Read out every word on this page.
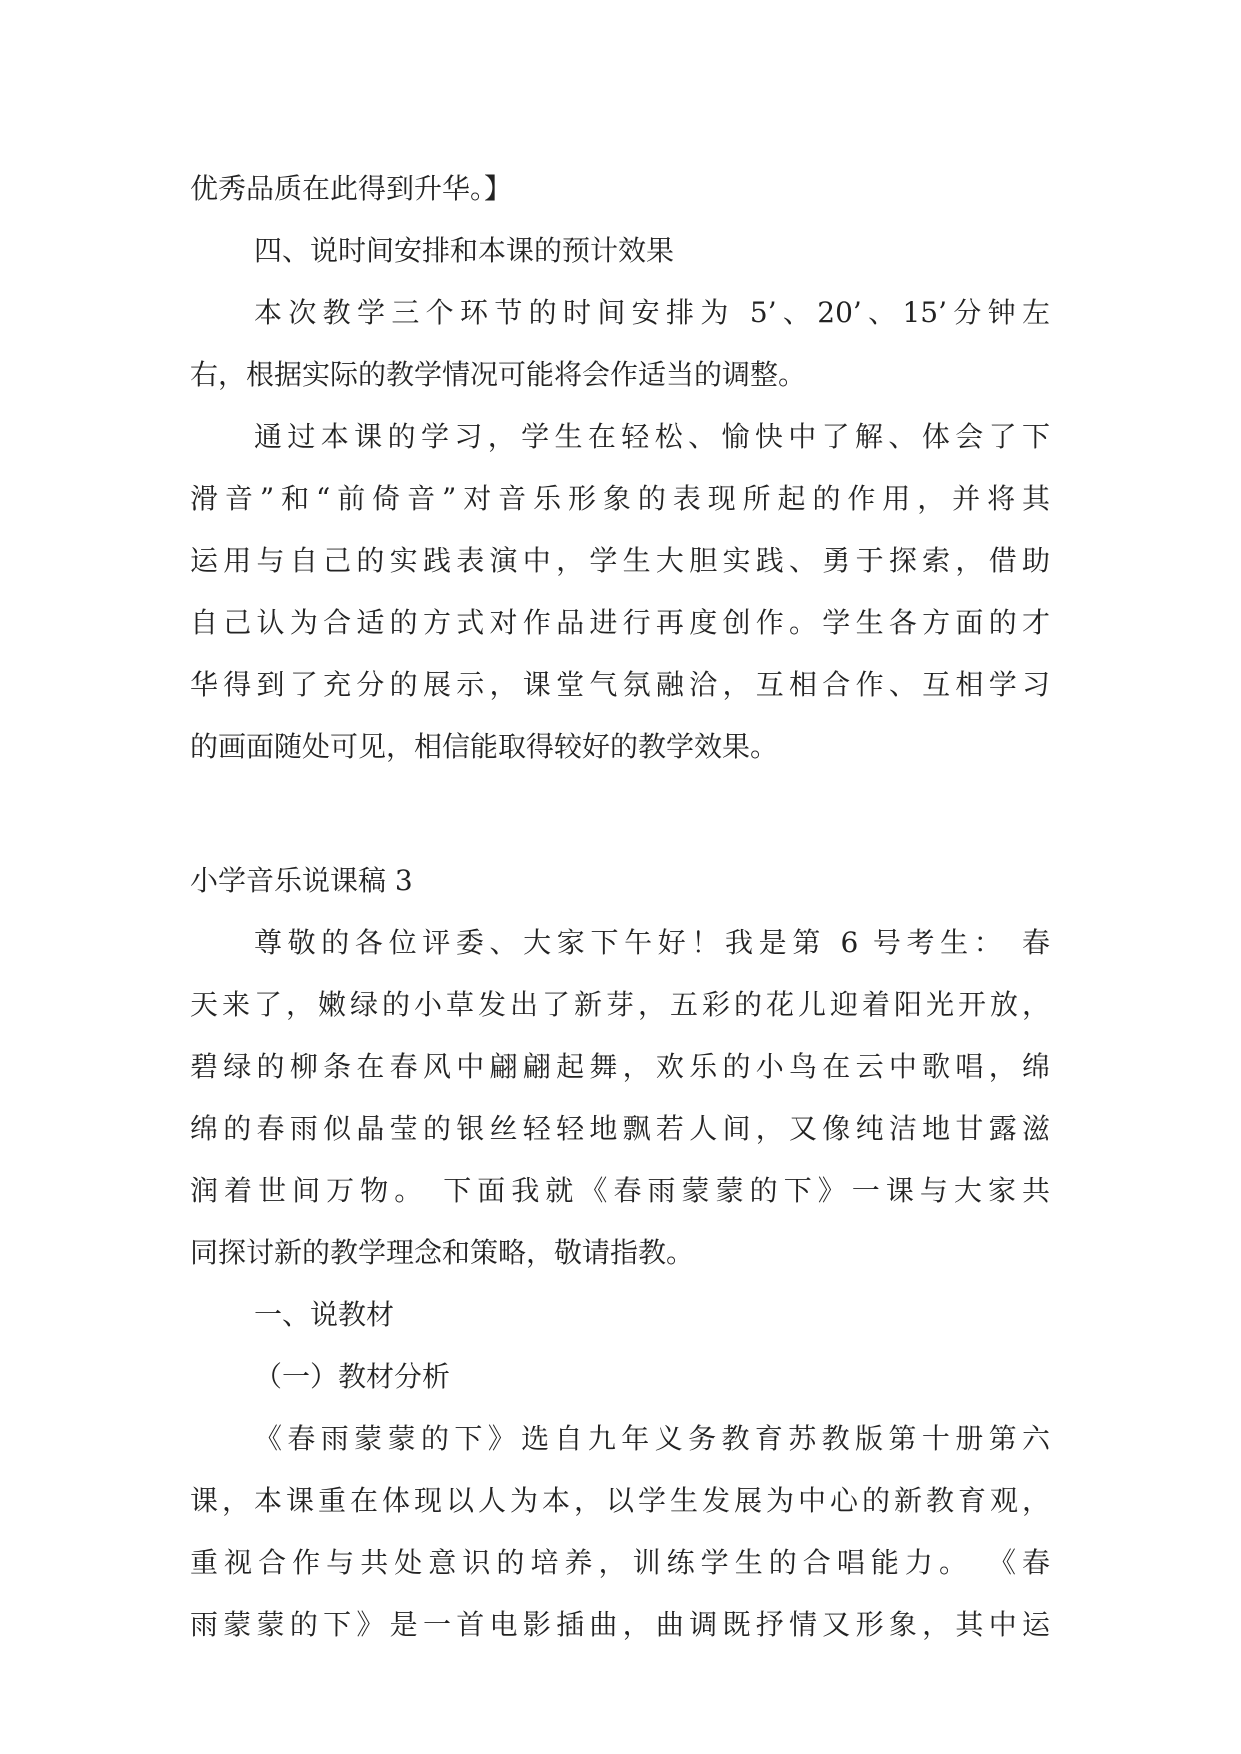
优秀品质在此得到升华。】
四、说时间安排和本课的预计效果
本次教学三个环节的时间安排为 5’、20’、15’分钟左
右，根据实际的教学情况可能将会作适当的调整。
通过本课的学习，学生在轻松、愉快中了解、体会了下
滑音”和“前倚音”对音乐形象的表现所起的作用，并将其
运用与自己的实践表演中，学生大胆实践、勇于探索，借助
自己认为合适的方式对作品进行再度创作。学生各方面的才
华得到了充分的展示，课堂气氛融洽，互相合作、互相学习
的画面随处可见，相信能取得较好的教学效果。
小学音乐说课稿 3
尊敬的各位评委、大家下午好！我是第 6 号考生： 春
天来了，嫩绿的小草发出了新芽，五彩的花儿迎着阳光开放，
碧绿的柳条在春风中翩翩起舞，欢乐的小鸟在云中歌唱，绵
绵的春雨似晶莹的银丝轻轻地飘若人间，又像纯洁地甘露滋
润着世间万物。 下面我就《春雨蒙蒙的下》一课与大家共
同探讨新的教学理念和策略，敬请指教。
一、说教材
（一）教材分析
《春雨蒙蒙的下》选自九年义务教育苏教版第十册第六
课，本课重在体现以人为本，以学生发展为中心的新教育观，
重视合作与共处意识的培养，训练学生的合唱能力。 《春
雨蒙蒙的下》是一首电影插曲，曲调既抒情又形象，其中运
